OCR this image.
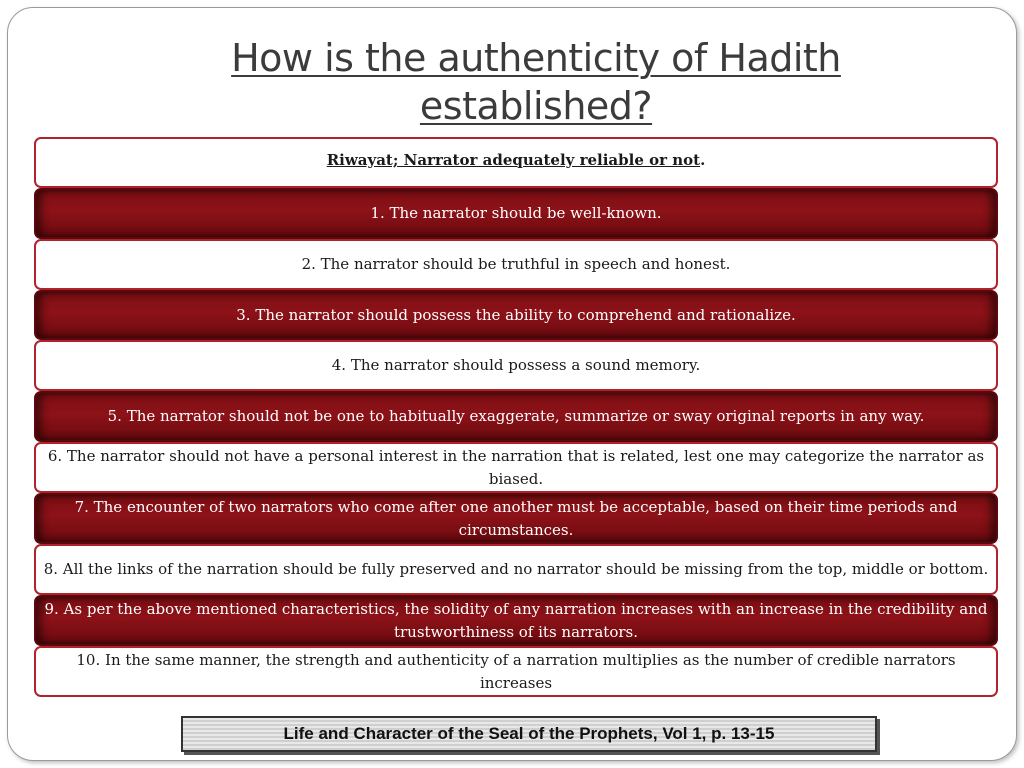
How is the authenticity of Hadith
established?
Riwayat; Narrator adequately reliable or not.
1. The narrator should be well-known.
2. The narrator should be truthful in speech and honest.
3. The narrator should possess the ability to comprehend and rationalize.
4. The narrator should possess a sound memory.
5. The narrator should not be one to habitually exaggerate, summarize or sway original reports in any way.
6. The narrator should not have a personal interest in the narration that is related, lest one may categorize the narrator as biased.
7. The encounter of two narrators who come after one another must be acceptable, based on their time periods and circumstances.
8. All the links of the narration should be fully preserved and no narrator should be missing from the top, middle or bottom.
9. As per the above mentioned characteristics, the solidity of any narration increases with an increase in the credibility and trustworthiness of its narrators.
10. In the same manner, the strength and authenticity of a narration multiplies as the number of credible narrators increases
Life and Character of the Seal of the Prophets, Vol 1, p. 13-15
